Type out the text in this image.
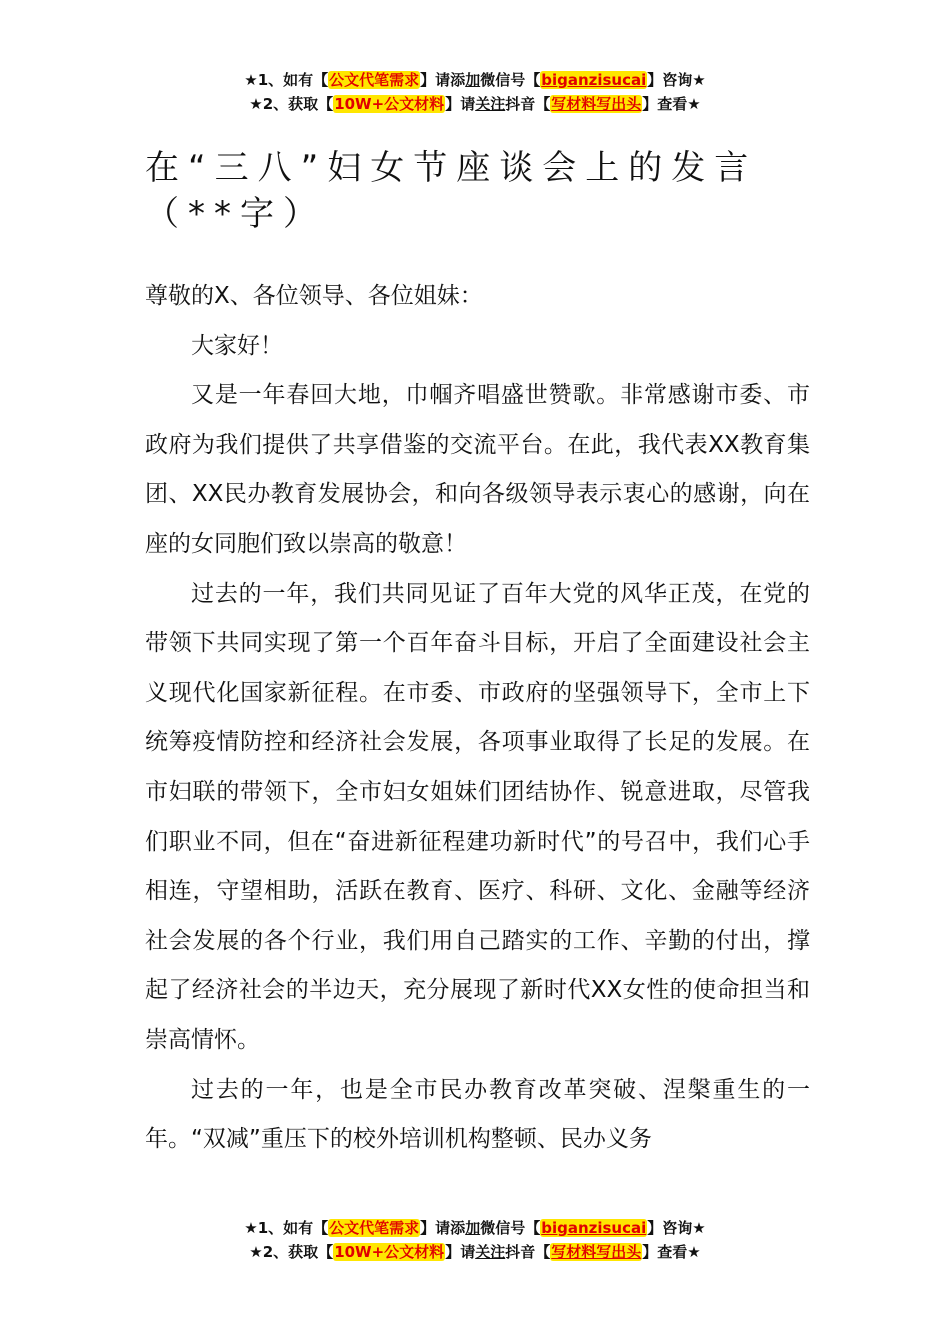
★1、如有【公文代笔需求】请添加微信号【biganzisucai】咨询★
★2、获取【10W+公文材料】请关注抖音【写材料写出头】查看★
在“三八”妇女节座谈会上的发言（**字）

尊敬的X、各位领导、各位姐妹：

大家好！

又是一年春回大地，巾帼齐唱盛世赞歌。非常感谢市委、市政府为我们提供了共享借鉴的交流平台。在此，我代表XX教育集团、XX民办教育发展协会，和向各级领导表示衷心的感谢，向在座的女同胞们致以崇高的敬意！

过去的一年，我们共同见证了百年大党的风华正茂，在党的带领下共同实现了第一个百年奋斗目标，开启了全面建设社会主义现代化国家新征程。在市委、市政府的坚强领导下，全市上下统筹疫情防控和经济社会发展，各项事业取得了长足的发展。在市妇联的带领下，全市妇女姐妹们团结协作、锐意进取，尽管我们职业不同，但在“奋进新征程建功新时代”的号召中，我们心手相连，守望相助，活跃在教育、医疗、科研、文化、金融等经济社会发展的各个行业，我们用自己踏实的工作、辛勤的付出，撑起了经济社会的半边天，充分展现了新时代XX女性的使命担当和崇高情怀。

过去的一年，也是全市民办教育改革突破、涅槃重生的一年。“双减”重压下的校外培训机构整顿、民办义务

★1、如有【公文代笔需求】请添加微信号【biganzisucai】咨询★
★2、获取【10W+公文材料】请关注抖音【写材料写出头】查看★
